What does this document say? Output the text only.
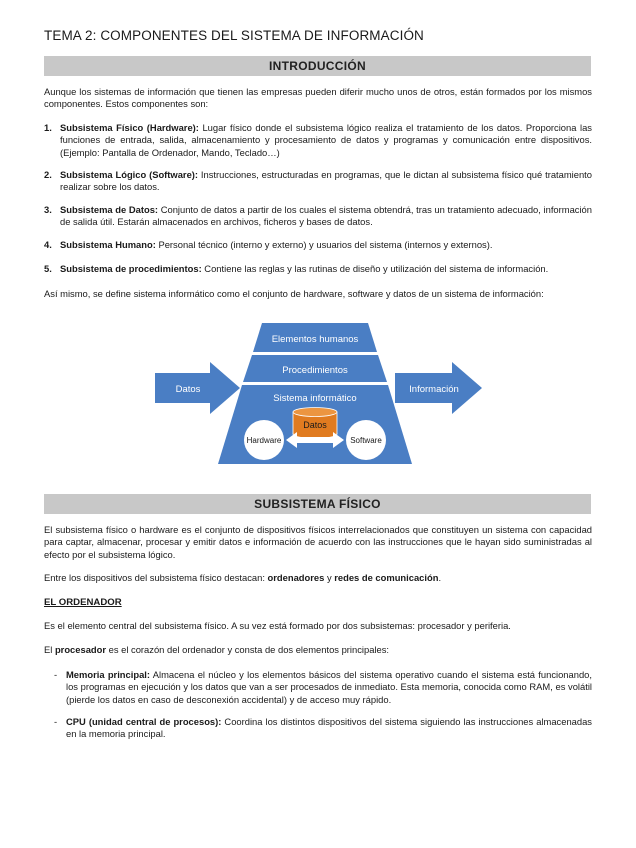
TEMA 2: COMPONENTES DEL SISTEMA DE INFORMACIÓN
INTRODUCCIÓN
Aunque los sistemas de información que tienen las empresas pueden diferir mucho unos de otros, están formados por los mismos componentes. Estos componentes son:
1. Subsistema Físico (Hardware): Lugar físico donde el subsistema lógico realiza el tratamiento de los datos. Proporciona las funciones de entrada, salida, almacenamiento y procesamiento de datos y programas y comunicación entre dispositivos. (Ejemplo: Pantalla de Ordenador, Mando, Teclado…)
2. Subsistema Lógico (Software): Instrucciones, estructuradas en programas, que le dictan al subsistema físico qué tratamiento realizar sobre los datos.
3. Subsistema de Datos: Conjunto de datos a partir de los cuales el sistema obtendrá, tras un tratamiento adecuado, información de salida útil. Estarán almacenados en archivos, ficheros y bases de datos.
4. Subsistema Humano: Personal técnico (interno y externo) y usuarios del sistema (internos y externos).
5. Subsistema de procedimientos: Contiene las reglas y las rutinas de diseño y utilización del sistema de información.
Así mismo, se define sistema informático como el conjunto de hardware, software y datos de un sistema de información:
Datos	Información
Elementos humanos
Procedimientos
Sistema informático
Datos
Hardware	Software
SUBSISTEMA FÍSICO
El subsistema físico o hardware es el conjunto de dispositivos físicos interrelacionados que constituyen un sistema con capacidad para captar, almacenar, procesar y emitir datos e información de acuerdo con las instrucciones que le hayan sido suministradas al efecto por el subsistema lógico.
Entre los dispositivos del subsistema físico destacan: ordenadores y redes de comunicación.
EL ORDENADOR
Es el elemento central del subsistema físico. A su vez está formado por dos subsistemas: procesador y periferia.
El procesador es el corazón del ordenador y consta de dos elementos principales:
- Memoria principal: Almacena el núcleo y los elementos básicos del sistema operativo cuando el sistema está funcionando, los programas en ejecución y los datos que van a ser procesados de inmediato. Esta memoria, conocida como RAM, es volátil (pierde los datos en caso de desconexión accidental) y de acceso muy rápido.
- CPU (unidad central de procesos): Coordina los distintos dispositivos del sistema siguiendo las instrucciones almacenadas en la memoria principal.
